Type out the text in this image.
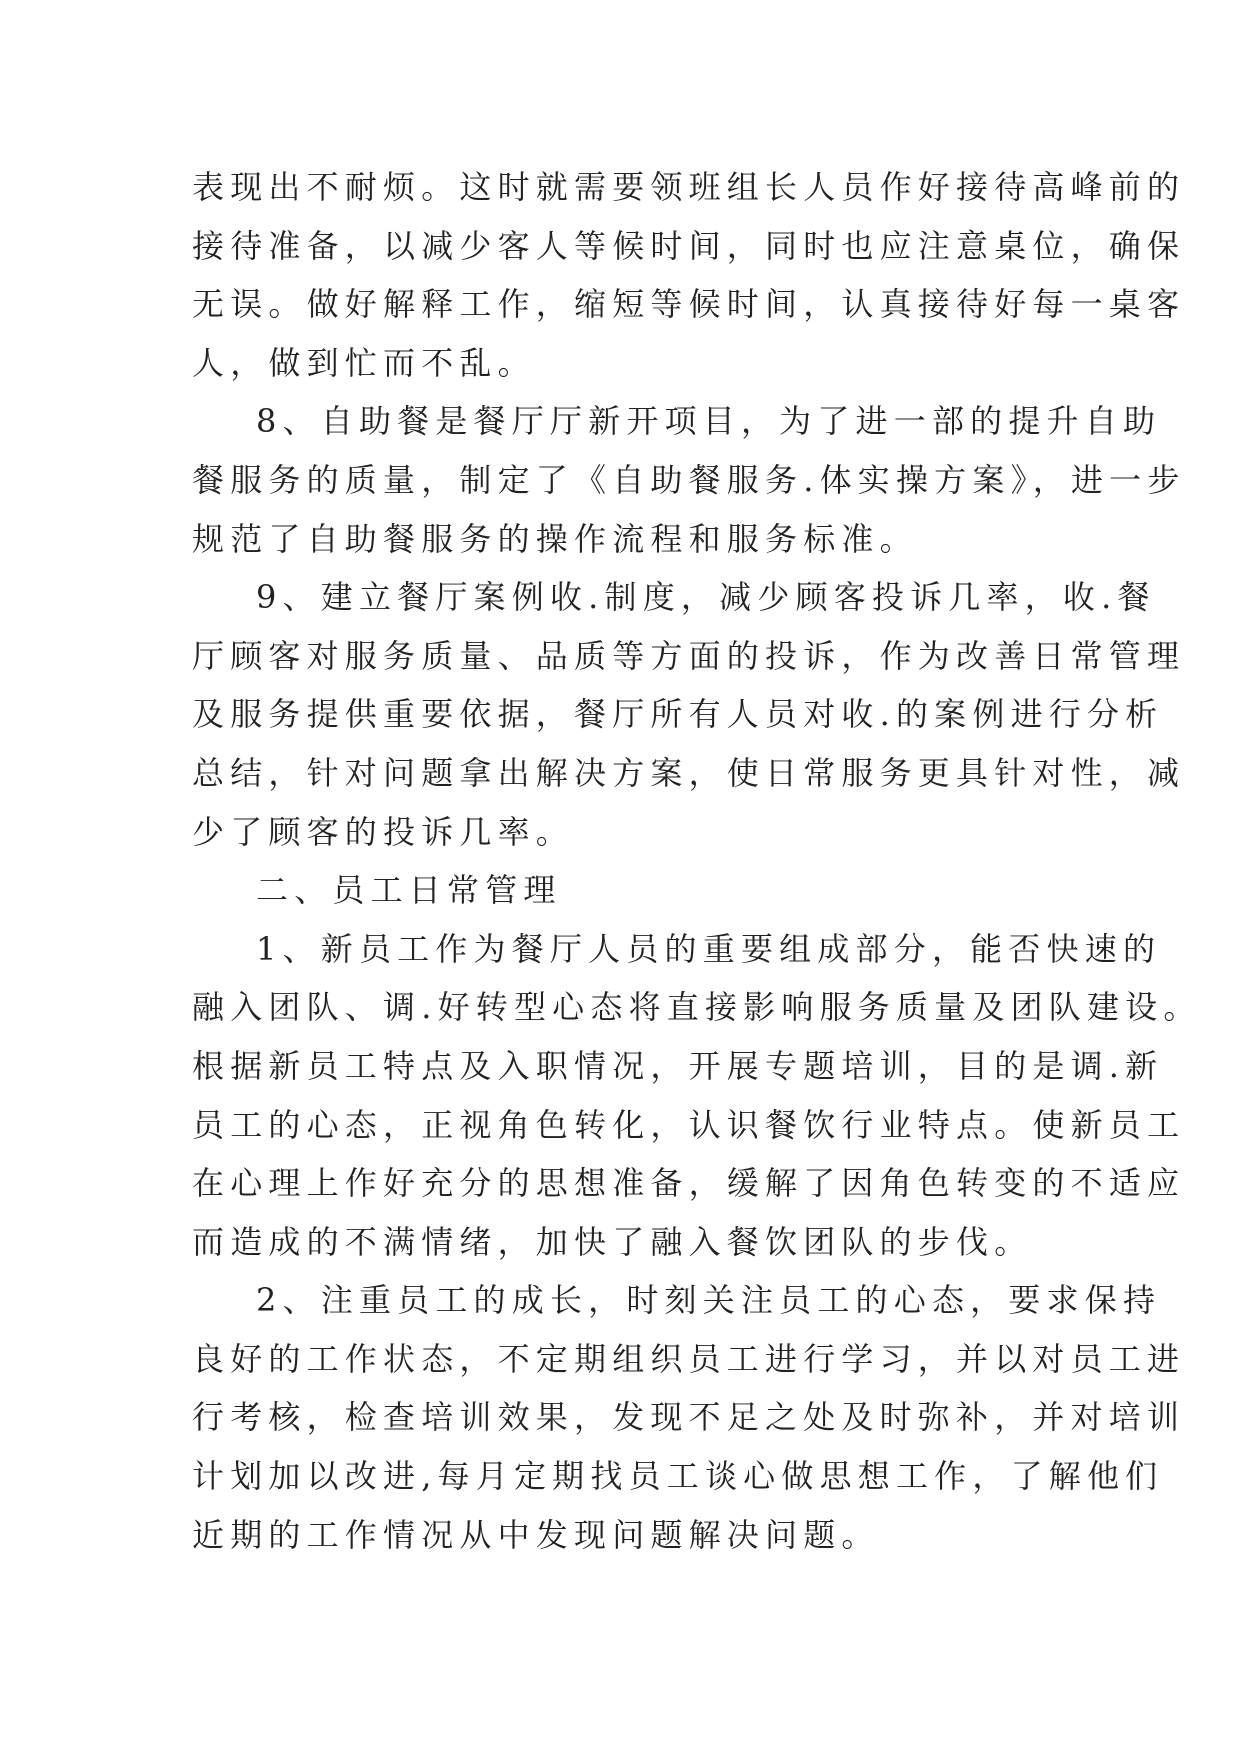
表现出不耐烦。这时就需要领班组长人员作好接待高峰前的
接待准备，以减少客人等候时间，同时也应注意桌位，确保
无误。做好解释工作，缩短等候时间，认真接待好每一桌客
人，做到忙而不乱。
8、自助餐是餐厅厅新开项目，为了进一部的提升自助
餐服务的质量，制定了《自助餐服务.体实操方案》，进一步
规范了自助餐服务的操作流程和服务标准。
9、建立餐厅案例收.制度，减少顾客投诉几率，收.餐
厅顾客对服务质量、品质等方面的投诉，作为改善日常管理
及服务提供重要依据，餐厅所有人员对收.的案例进行分析
总结，针对问题拿出解决方案，使日常服务更具针对性，减
少了顾客的投诉几率。
二、员工日常管理
1、新员工作为餐厅人员的重要组成部分，能否快速的
融入团队、调.好转型心态将直接影响服务质量及团队建设。
根据新员工特点及入职情况，开展专题培训，目的是调.新
员工的心态，正视角色转化，认识餐饮行业特点。使新员工
在心理上作好充分的思想准备，缓解了因角色转变的不适应
而造成的不满情绪，加快了融入餐饮团队的步伐。
2、注重员工的成长，时刻关注员工的心态，要求保持
良好的工作状态，不定期组织员工进行学习，并以对员工进
行考核，检查培训效果，发现不足之处及时弥补，并对培训
计划加以改进,每月定期找员工谈心做思想工作，了解他们
近期的工作情况从中发现问题解决问题。
